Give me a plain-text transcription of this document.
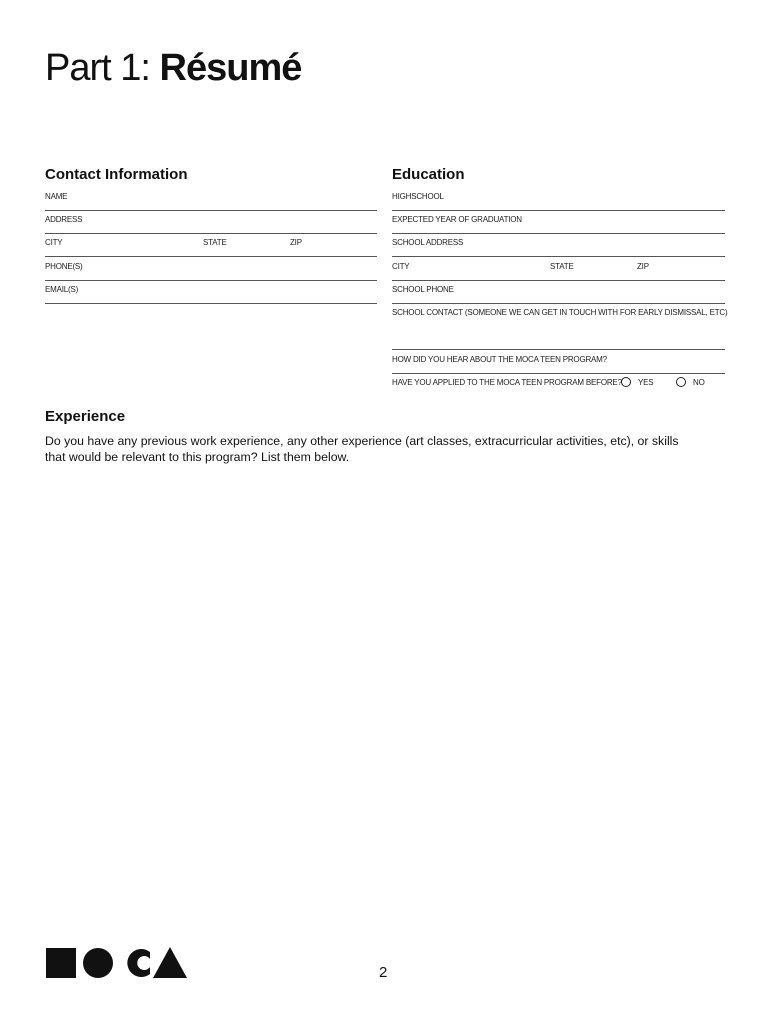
Part 1: Résumé
Contact Information
NAME
ADDRESS
CITY	STATE	ZIP
PHONE(S)
EMAIL(S)
Education
HIGHSCHOOL
EXPECTED YEAR OF GRADUATION
SCHOOL ADDRESS
CITY	STATE	ZIP
SCHOOL PHONE
SCHOOL CONTACT (SOMEONE WE CAN GET IN TOUCH WITH FOR EARLY DISMISSAL, ETC)
HOW DID YOU HEAR ABOUT THE MOCA TEEN PROGRAM?
HAVE YOU APPLIED TO THE MOCA TEEN PROGRAM BEFORE? YES	NO
Experience
Do you have any previous work experience, any other experience (art classes, extracurricular activities, etc), or skills that would be relevant to this program? List them below.
2
